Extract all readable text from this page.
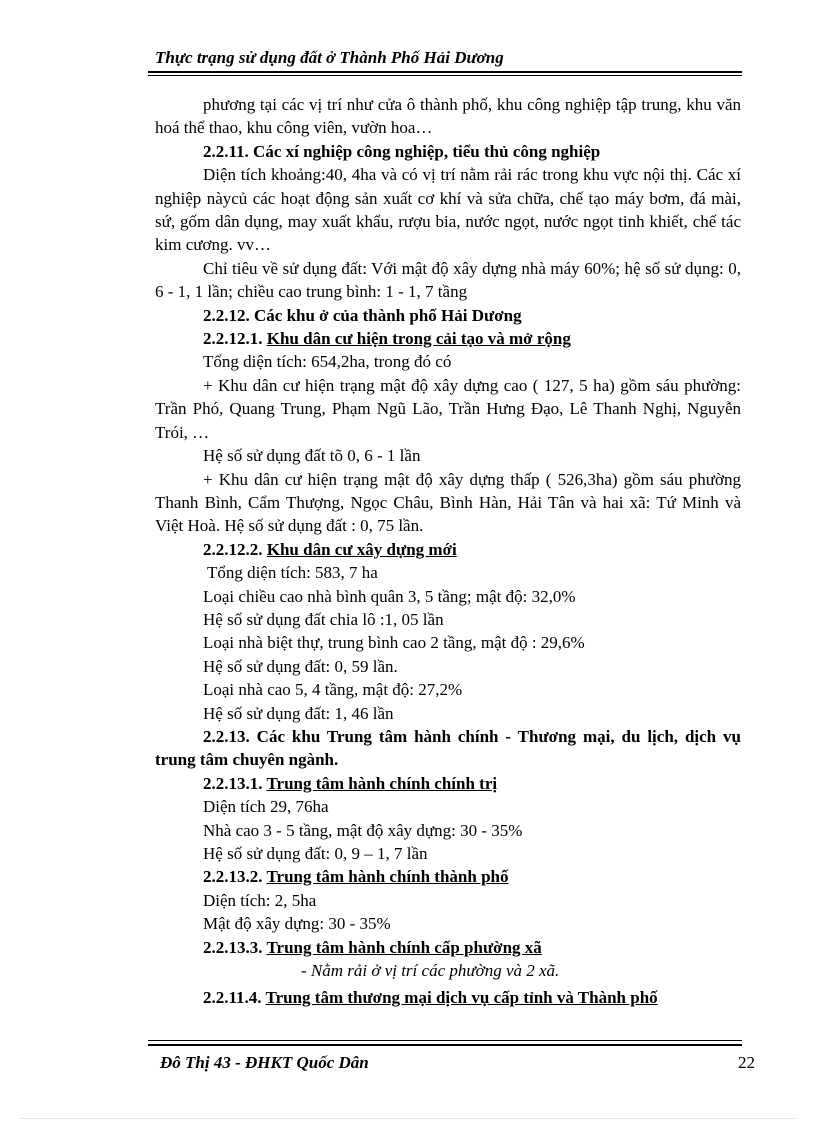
Thực trạng sử dụng đất ở Thành Phố Hải Dương

phương tại các vị trí như cửa ô thành phố, khu công nghiệp tập trung, khu văn hoá thể thao, khu công viên, vườn hoa…

2.2.11. Các xí nghiệp công nghiệp, tiểu thủ công nghiệp

Diện tích khoảng:40, 4ha và có vị trí nằm rải rác trong khu vực nội thị. Các xí nghiệp nàycủ các hoạt động sản xuất cơ khí và sửa chữa, chế tạo máy bơm, đá mài, sứ, gốm dân dụng, may xuất khẩu, rượu bia, nước ngọt, nước ngọt tinh khiết, chế tác kim cương. vv…

Chỉ tiêu về sử dụng đất: Với mật độ xây dựng nhà máy 60%; hệ số sử dụng: 0, 6 - 1, 1 lần; chiều cao trung bình: 1 - 1, 7 tầng

2.2.12. Các khu ở của thành phố Hải Dương

2.2.12.1. Khu dân cư hiện trong cải tạo và mở rộng

Tổng diện tích: 654,2ha, trong đó có

+ Khu dân cư hiện trạng mật độ xây dựng cao ( 127, 5 ha) gồm sáu phường: Trần Phó, Quang Trung, Phạm Ngũ Lão, Trần Hưng Đạo, Lê Thanh Nghị, Nguyễn Trói, …

Hệ số sử dụng đất tõ 0, 6 - 1 lần

+ Khu dân cư hiện trạng mật độ xây dựng thấp ( 526,3ha) gồm sáu phường Thanh Bình, Cẩm Thượng, Ngọc Châu, Bình Hàn, Hải Tân và hai xã: Tứ Minh và Việt Hoà. Hệ số sử dụng đất : 0, 75 lần.

2.2.12.2. Khu dân cư xây dựng mới

Tổng diện tích: 583, 7 ha

Loại chiều cao nhà bình quân 3, 5 tầng; mật độ: 32,0%

Hệ số sử dụng đất chia lô :1, 05 lần

Loại nhà biệt thự, trung bình cao 2 tầng, mật độ : 29,6%

Hệ số sử dụng đất: 0, 59 lần.

Loại nhà cao 5, 4 tầng, mật độ: 27,2%

Hệ số sử dụng đất: 1, 46 lần

2.2.13. Các khu Trung tâm hành chính - Thương mại, du lịch, dịch vụ trung tâm chuyên ngành.

2.2.13.1. Trung tâm hành chính chính trị

Diện tích 29, 76ha

Nhà cao 3 - 5 tầng, mật độ xây dựng: 30 - 35%

Hệ số sử dụng đất: 0, 9 – 1, 7 lần

2.2.13.2. Trung tâm hành chính thành phố

Diện tích: 2, 5ha

Mật độ xây dựng: 30 - 35%

2.2.13.3. Trung tâm hành chính cấp phường xã

- Nằm rải ở vị trí các phường và 2 xã.

2.2.11.4. Trung tâm thương mại dịch vụ cấp tỉnh và Thành phố

Đô Thị 43 - ĐHKT Quốc Dân	22
